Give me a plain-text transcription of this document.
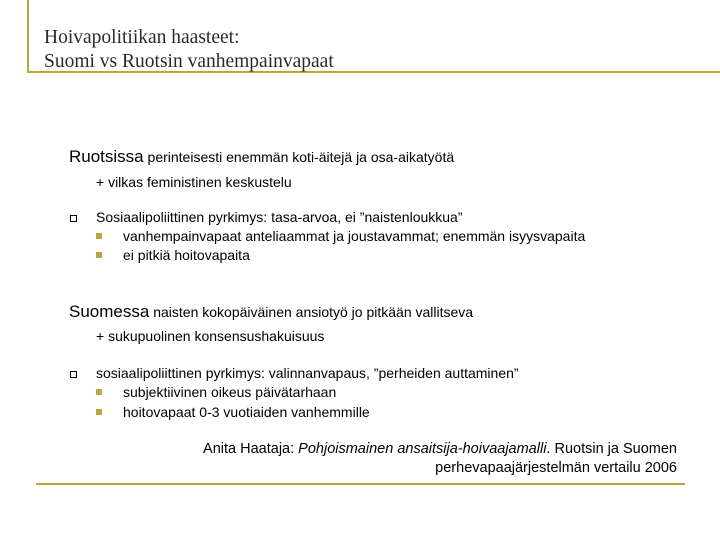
Hoivapolitiikan haasteet:
Suomi vs Ruotsin vanhempainvapaat
Ruotsissa perinteisesti enemmän koti-äitejä ja osa-aikatyötä
+ vilkas feministinen keskustelu
Sosiaalipoliittinen pyrkimys: tasa-arvoa, ei ”naistenloukkua”
vanhempainvapaat anteliaammat ja joustavammat; enemmän isyysvapaita
ei pitkiä hoitovapaita
Suomessa naisten kokopäiväinen ansiotyö jo pitkään vallitseva
+ sukupuolinen konsensushakuisuus
sosiaalipoliittinen pyrkimys: valinnanvapaus, ”perheiden auttaminen”
subjektiivinen oikeus päivätarhaan
hoitovapaat 0-3 vuotiaiden vanhemmille
Anita Haataja: Pohjoismainen ansaitsija-hoivaajamalli. Ruotsin ja Suomen
perhevapaajärjestelmän vertailu 2006
